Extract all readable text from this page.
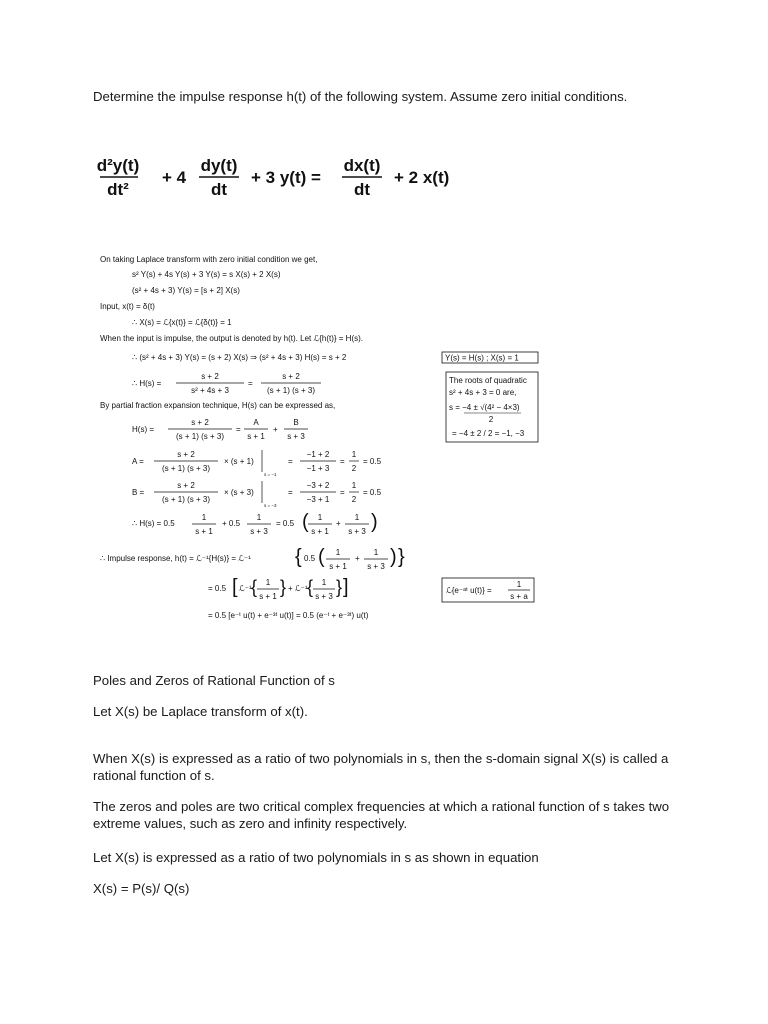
Determine the impulse response h(t) of the following system. Assume zero initial conditions.
d²y(t)
dt²
+ 4
dy(t)
dt
+ 3 y(t) =
dx(t)
dt
+ 2 x(t)
On taking Laplace transform with zero initial condition we get,
s² Y(s) + 4s Y(s) + 3 Y(s) = s X(s) + 2 X(s)
(s² + 4s + 3) Y(s) = [s + 2] X(s)
Input, x(t) = δ(t)
∴ X(s) = ℒ{x(t)} = ℒ{δ(t)} = 1
When the input is impulse, the output is denoted by h(t). Let ℒ{h(t)} = H(s).
∴ (s² + 4s + 3) Y(s) = (s + 2) X(s) ⇒ (s² + 4s + 3) H(s) = s + 2	Y(s) = H(s) ; X(s) = 1
∴ H(s) =
s + 2
s² + 4s + 3
=
s + 2
(s + 1) (s + 3)
The roots of quadratic
s² + 4s + 3 = 0 are,
s = −4 ± √(4² − 4×3)
2
= −4 ± 2 / 2 = −1, −3
By partial fraction expansion technique, H(s) can be expressed as,
H(s) =
s + 2
(s + 1) (s + 3)
=
A
s + 1
+
B
s + 3
A =
s + 2
(s + 1) (s + 3)
× (s + 1)
s = −1
=
−1 + 2
−1 + 3
=
1
2
= 0.5
B =
s + 2
(s + 1) (s + 3)
× (s + 3)
s = −3
=
−3 + 2
−3 + 1
=
1
2
= 0.5
∴ H(s) = 0.5
1
s + 1
+ 0.5
1
s + 3
= 0.5 ( 1
s + 1
+
1
s + 3 )
∴ Impulse response, h(t) = ℒ⁻¹{H(s)} = ℒ⁻¹ { 0.5 ( 1
s + 1
+
1
s + 3 ) }
= 0.5 [ ℒ⁻¹ { 1
s + 1 } + ℒ⁻¹ { 1
s + 3 } ]	ℒ{e⁻ᵃᵗ u(t)} =
1
s + a
= 0.5 [e⁻ᵗ u(t) + e⁻³ᵗ u(t)] = 0.5 (e⁻ᵗ + e⁻³ᵗ) u(t)
Poles and Zeros of Rational Function of s
Let X(s) be Laplace transform of x(t).
When X(s) is expressed as a ratio of two polynomials in s, then the s-domain signal X(s) is called a rational function of s.
The zeros and poles are two critical complex frequencies at which a rational function of s takes two extreme values, such as zero and infinity respectively.
Let X(s) is expressed as a ratio of two polynomials in s as shown in equation
X(s) = P(s)/ Q(s)
